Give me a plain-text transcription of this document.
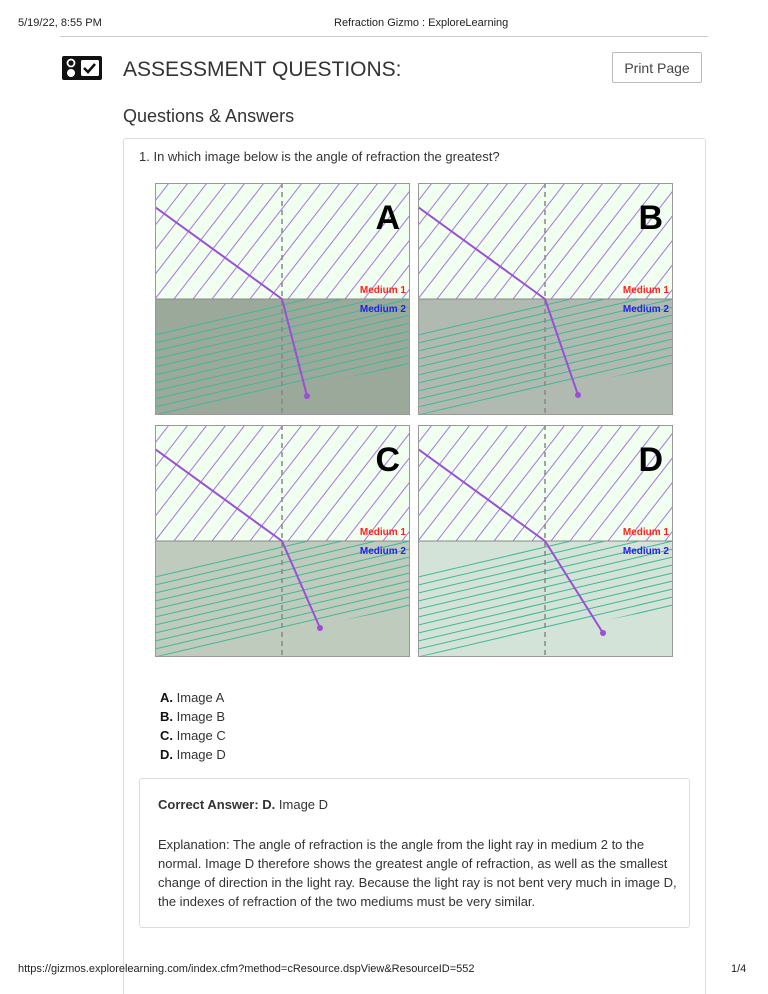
5/19/22, 8:55 PM	Refraction Gizmo : ExploreLearning
ASSESSMENT QUESTIONS:	Print Page
Questions & Answers
1. In which image below is the angle of refraction the greatest?
A
Medium 1
Medium 2
B
Medium 1
Medium 2
C
Medium 1
Medium 2
D
Medium 1
Medium 2
A. Image A
B. Image B
C. Image C
D. Image D
Correct Answer: D. Image D
Explanation: The angle of refraction is the angle from the light ray in medium 2 to the normal. Image D therefore shows the greatest angle of refraction, as well as the smallest change of direction in the light ray. Because the light ray is not bent very much in image D, the indexes of refraction of the two mediums must be very similar.
https://gizmos.explorelearning.com/index.cfm?method=cResource.dspView&ResourceID=552	1/4
